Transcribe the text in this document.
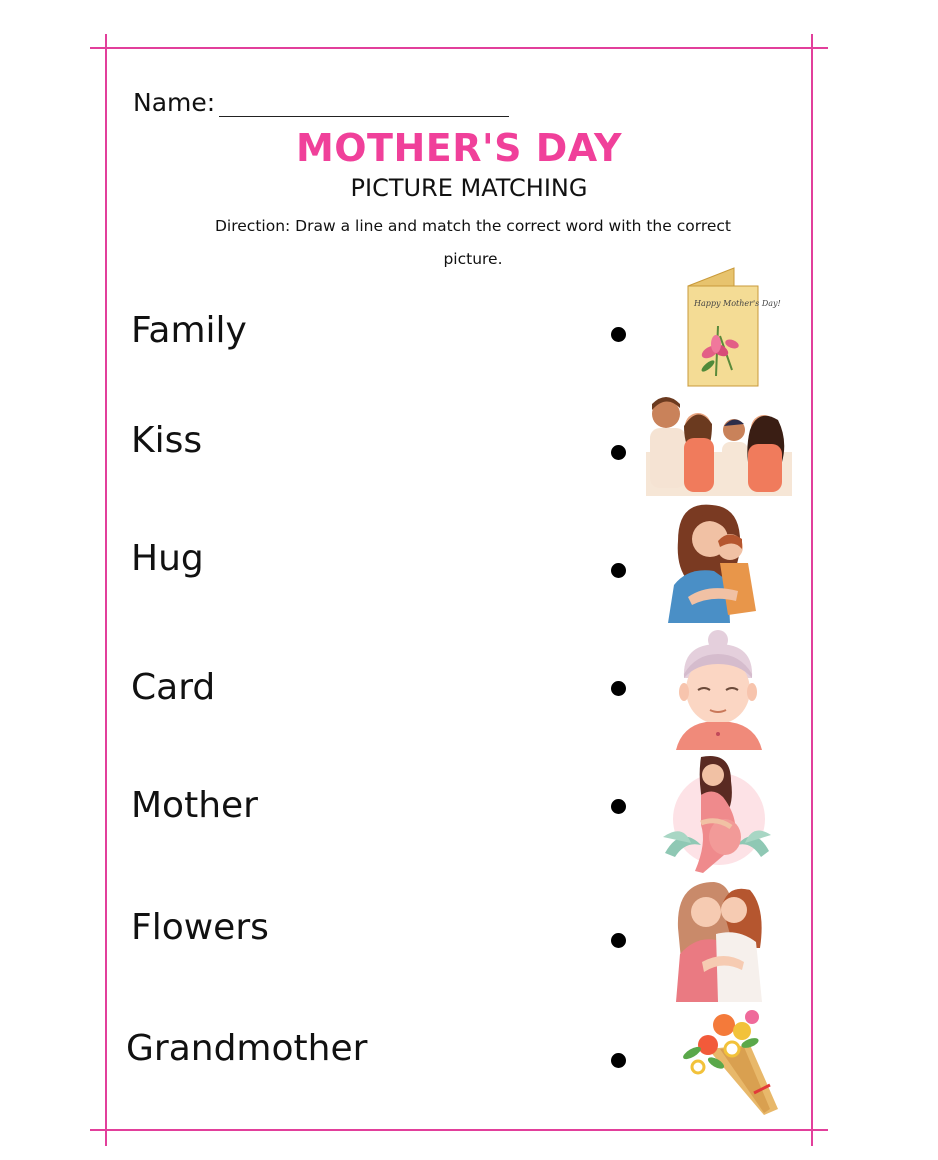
Name:
MOTHER'S DAY
PICTURE MATCHING
Direction: Draw a line and match the correct word with the correct picture.
Family
Kiss
Hug
Card
Mother
Flowers
Grandmother
Happy Mother's Day!
